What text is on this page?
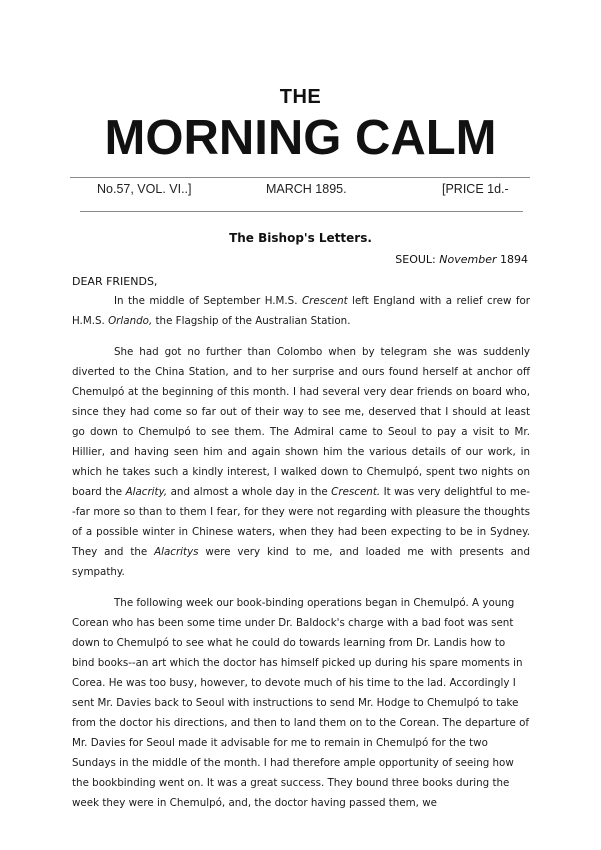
THE
MORNING CALM
No.57, VOL. VI..]	MARCH 1895.	[PRICE 1d.-
The Bishop's Letters.
SEOUL: November 1894
DEAR FRIENDS,

In the middle of September H.M.S. Crescent left England with a relief crew for H.M.S. Orlando, the Flagship of the Australian Station.

She had got no further than Colombo when by telegram she was suddenly diverted to the China Station, and to her surprise and ours found herself at anchor off Chemulpó at the beginning of this month. I had several very dear friends on board who, since they had come so far out of their way to see me, deserved that I should at least go down to Chemulpó to see them. The Admiral came to Seoul to pay a visit to Mr. Hillier, and having seen him and again shown him the various details of our work, in which he takes such a kindly interest, I walked down to Chemulpó, spent two nights on board the Alacrity, and almost a whole day in the Crescent. It was very delightful to me--far more so than to them I fear, for they were not regarding with pleasure the thoughts of a possible winter in Chinese waters, when they had been expecting to be in Sydney. They and the Alacritys were very kind to me, and loaded me with presents and sympathy.

The following week our book-binding operations began in Chemulpó. A young Corean who has been some time under Dr. Baldock's charge with a bad foot was sent down to Chemulpó to see what he could do towards learning from Dr. Landis how to bind books--an art which the doctor has himself picked up during his spare moments in Corea. He was too busy, however, to devote much of his time to the lad. Accordingly I sent Mr. Davies back to Seoul with instructions to send Mr. Hodge to Chemulpó to take from the doctor his directions, and then to land them on to the Corean. The departure of Mr. Davies for Seoul made it advisable for me to remain in Chemulpó for the two Sundays in the middle of the month. I had therefore ample opportunity of seeing how the bookbinding went on. It was a great success. They bound three books during the week they were in Chemulpó, and, the doctor having passed them, we
